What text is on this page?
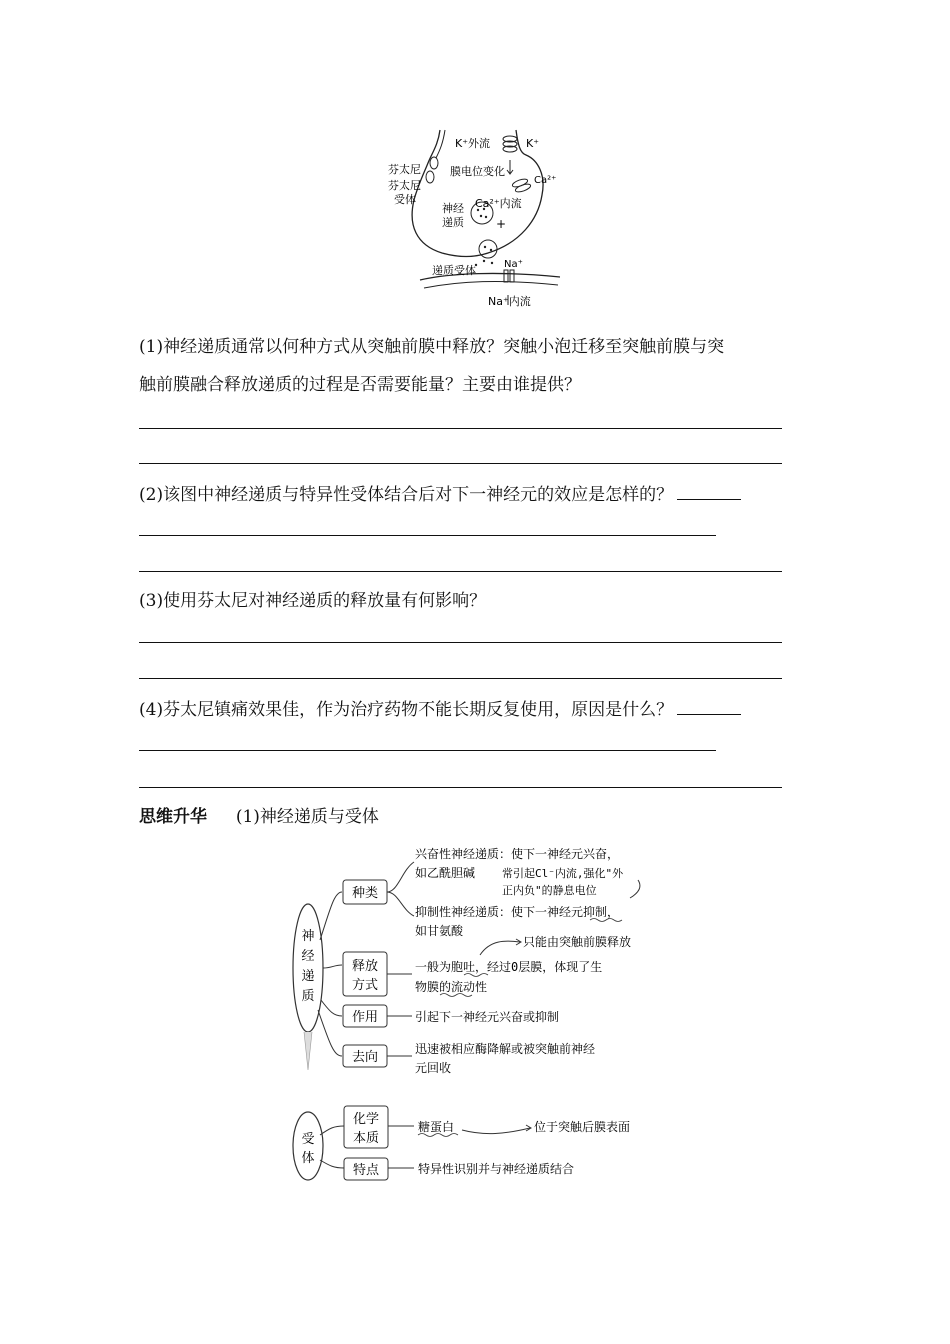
K⁺外流	K⁺
膜电位变化
芬太尼
芬太尼
受体
Ca²⁺
神经
递质
Ca²⁺内流
+
Na⁺
递质受体
Na⁺内流
(1)神经递质通常以何种方式从突触前膜中释放？突触小泡迁移至突触前膜与突
触前膜融合释放递质的过程是否需要能量？主要由谁提供？
(2)该图中神经递质与特异性受体结合后对下一神经元的效应是怎样的？
(3)使用芬太尼对神经递质的释放量有何影响？
(4)芬太尼镇痛效果佳，作为治疗药物不能长期反复使用，原因是什么？
思维升华 (1)神经递质与受体
神
经
递
质
种类
释放
方式
作用
去向
兴奋性神经递质：使下一神经元兴奋，
如乙酰胆碱 常引起Cl⁻内流,强化"外
正内负"的静息电位
抑制性神经递质：使下一神经元抑制，
如甘氨酸
只能由突触前膜释放
一般为胞吐，经过0层膜，体现了生
物膜的流动性
引起下一神经元兴奋或抑制
迅速被相应酶降解或被突触前神经
元回收
受
体
化学
本质
特点
糖蛋白	位于突触后膜表面
特异性识别并与神经递质结合
